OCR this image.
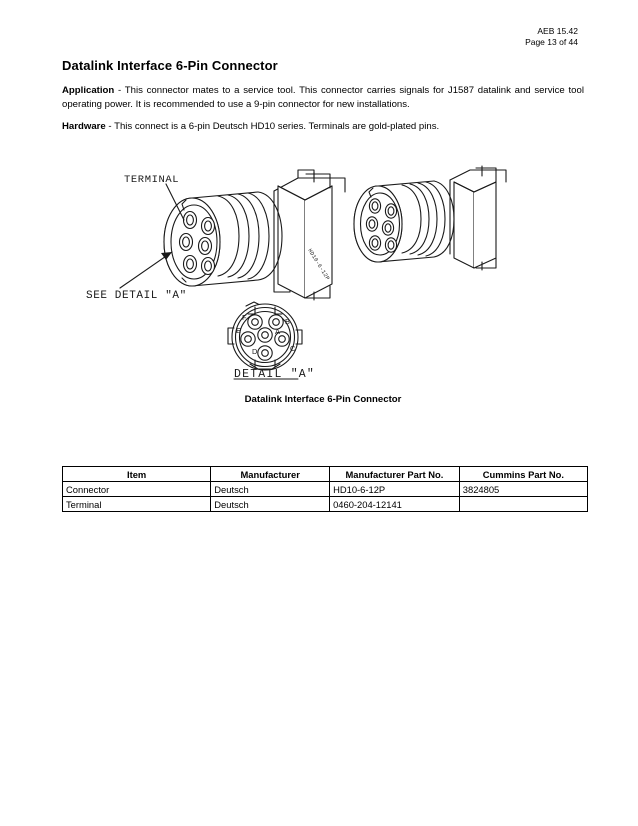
AEB 15.42
Page 13 of 44
Datalink Interface 6-Pin Connector
Application - This connector mates to a service tool. This connector carries signals for J1587 datalink and service tool operating power. It is recommended to use a 9-pin connector for new installations.
Hardware - This connect is a 6-pin Deutsch HD10 series. Terminals are gold-plated pins.
TERMINAL
SEE DETAIL "A"
DETAIL "A"
HD10-6-12P
F	B
E	A
C
D
Datalink Interface 6-Pin Connector
Item	Manufacturer	Manufacturer Part No.	Cummins Part No.
Connector	Deutsch	HD10-6-12P	3824805
Terminal	Deutsch	0460-204-12141	
